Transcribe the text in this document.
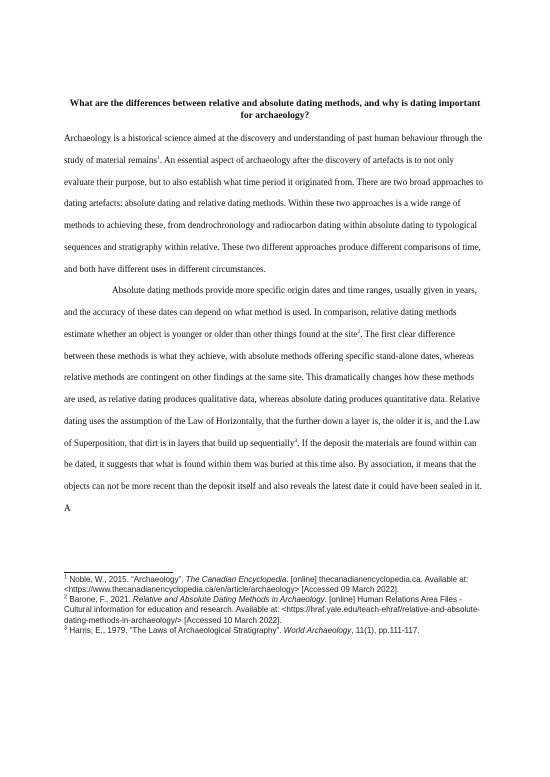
What are the differences between relative and absolute dating methods, and why is dating important for archaeology?

Archaeology is a historical science aimed at the discovery and understanding of past human behaviour through the study of material remains$^1$. An essential aspect of archaeology after the discovery of artefacts is to not only evaluate their purpose, but to also establish what time period it originated from. There are two broad approaches to dating artefacts: absolute dating and relative dating methods. Within these two approaches is a wide range of methods to achieving these, from dendrochronology and radiocarbon dating within absolute dating to typological sequences and stratigraphy within relative. These two different approaches produce different comparisons of time, and both have different uses in different circumstances.

Absolute dating methods provide more specific origin dates and time ranges, usually given in years, and the accuracy of these dates can depend on what method is used. In comparison, relative dating methods estimate whether an object is younger or older than other things found at the site$^2$. The first clear difference between these methods is what they achieve, with absolute methods offering specific stand-alone dates, whereas relative methods are contingent on other findings at the same site. This dramatically changes how these methods are used, as relative dating produces qualitative data, whereas absolute dating produces quantitative data. Relative dating uses the assumption of the Law of Horizontally, that the further down a layer is, the older it is, and the Law of Superposition, that dirt is in layers that build up sequentially$^3$. If the deposit the materials are found within can be dated, it suggests that what is found within them was buried at this time also. By association, it means that the objects can not be more recent than the deposit itself and also reveals the latest date it could have been sealed in it. A

$^1$ Noble, W., 2015. “Archaeology”. The Canadian Encyclopedia. [online] thecanadianencyclopedia.ca. Available at: <https://www.thecanadianencyclopedia.ca/en/article/archaeology> [Accessed 09 March 2022].

$^2$ Barone, F., 2021. Relative and Absolute Dating Methods in Archaeology. [online] Human Relations Area Files - Cultural information for education and research. Available at: <https://hraf.yale.edu/teach-ehraf/relative-and-absolute-dating-methods-in-archaeology/> [Accessed 10 March 2022].

$^3$ Harris, E., 1979. “The Laws of Archaeological Stratigraphy”. World Archaeology, 11(1), pp.111-117.
